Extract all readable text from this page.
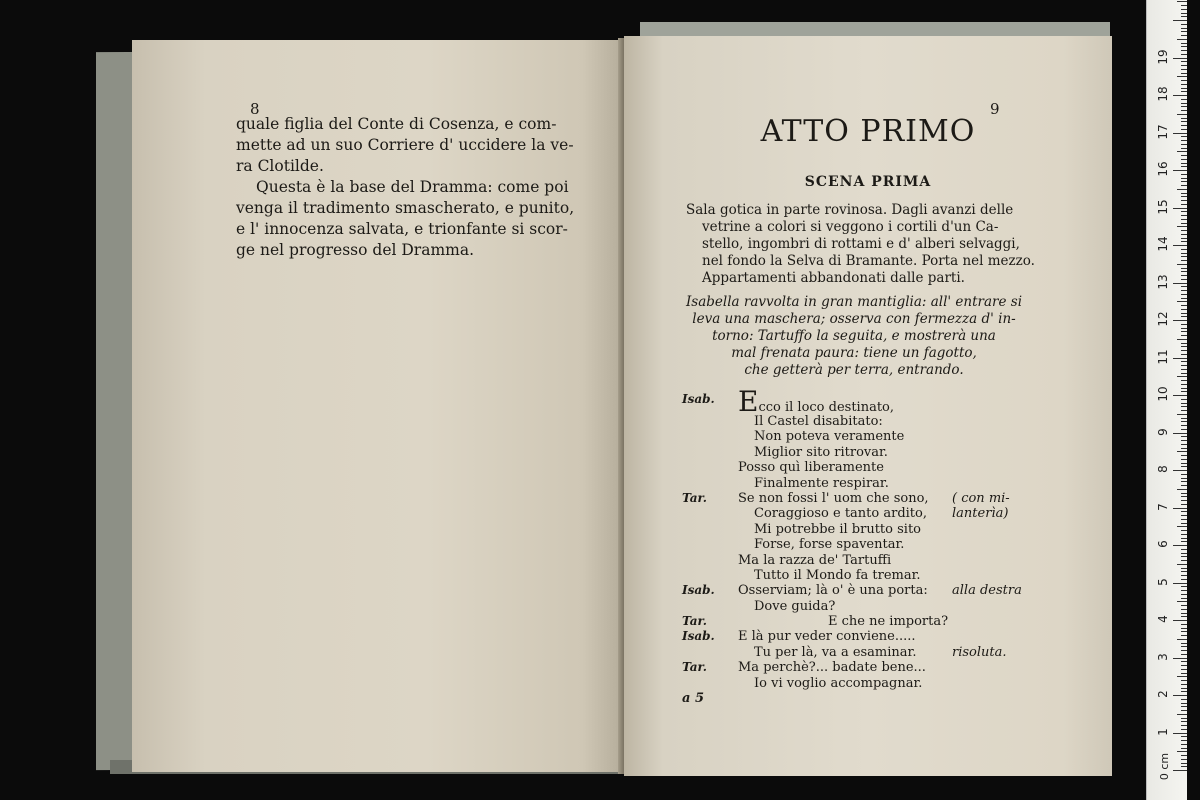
8
quale figlia del Conte di Cosenza, e com-
mette ad un suo Corriere d' uccidere la ve-
ra Clotilde.
Questa è la base del Dramma: come poi
venga il tradimento smascherato, e punito,
e l' innocenza salvata, e trionfante si scor-
ge nel progresso del Dramma.
9
ATTO PRIMO
SCENA PRIMA
Sala gotica in parte rovinosa. Dagli avanzi delle
vetrine a colori si veggono i cortili d'un Ca-
stello, ingombri di rottami e d' alberi selvaggi,
nel fondo la Selva di Bramante. Porta nel mezzo.
Appartamenti abbandonati dalle parti.
Isabella ravvolta in gran mantiglia: all' entrare si
leva una maschera; osserva con fermezza d' in-
torno: Tartuffo la seguita, e mostrerà una
mal frenata paura: tiene un fagotto,
che getterà per terra, entrando.
Isab. Ecco il loco destinato,
Il Castel disabitato:
Non poteva veramente
Miglior sito ritrovar.
Posso quì liberamente
Finalmente respirar.
Tar. Se non fossi l' uom che sono, ( con mi-
Coraggioso e tanto ardito, lanterìa)
Mi potrebbe il brutto sito
Forse, forse spaventar.
Ma la razza de' Tartuffi
Tutto il Mondo fa tremar.
Isab. Osserviam; là o' è una porta: alla destra
Dove guida?
Tar.	E che ne importa?
Isab. E là pur veder conviene.....
Tu per là, va a esaminar.	risoluta.
Tar. Ma perchè?... badate bene...
Io vi voglio accompagnar.
a 5
0 cm
1
2
3
4
5
6
7
8
9
10
11
12
13
14
15
16
17
18
19
